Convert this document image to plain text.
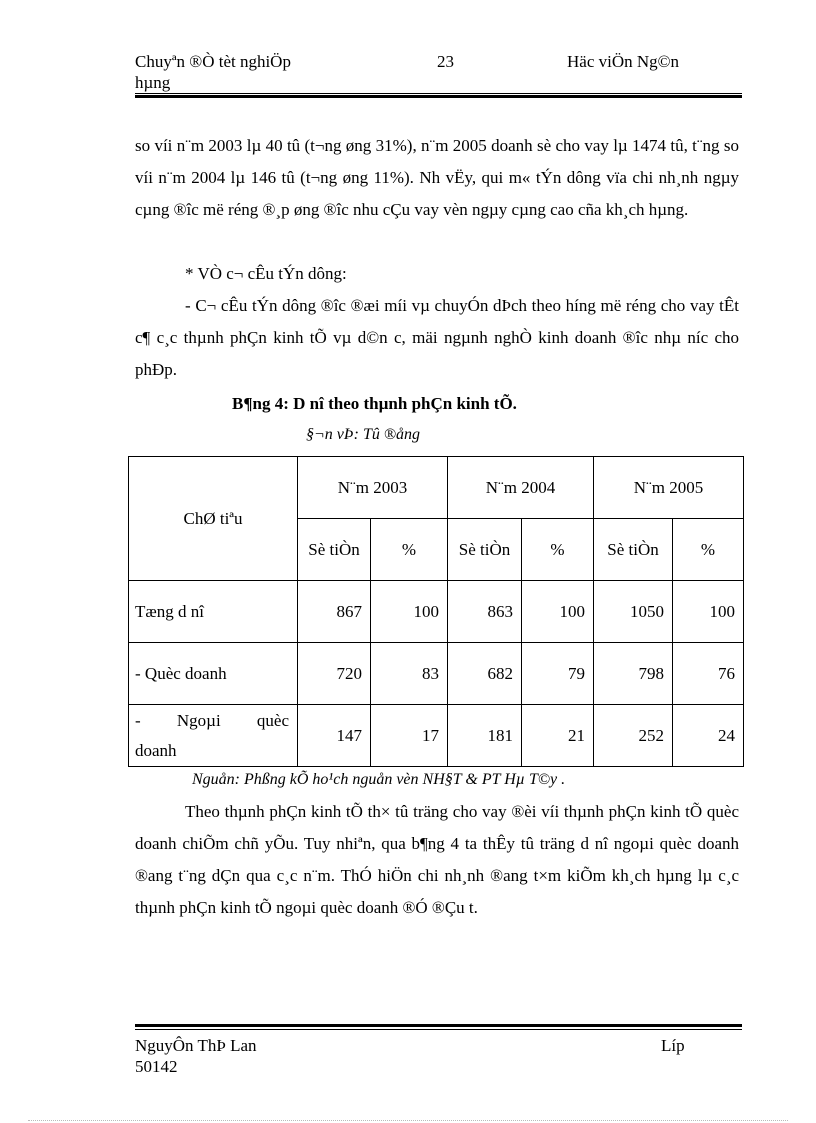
Chuyªn ®Ò tèt nghiÖp
hµng
23	Häc viÖn Ng©n
so víi n¨m 2003 lµ 40 tû (t¬ng øng 31%), n¨m 2005 doanh sè cho vay lµ 1474 tû, t¨ng so víi n¨m 2004 lµ 146 tû (t¬ng øng 11%). Nh vËy, qui m« tÝn dông vïa chi nh¸nh ngµy cµng ®îc më réng ®¸p øng ®îc nhu cÇu vay vèn ngµy cµng cao cña kh¸ch hµng.
* VÒ c¬ cÊu tÝn dông:
- C¬ cÊu tÝn dông ®îc ®æi míi vµ chuyÓn dÞch theo híng më réng cho vay tÊt c¶ c¸c thµnh phÇn kinh tÕ vµ d©n c, mäi ngµnh nghÒ kinh doanh ®îc nhµ níc cho phÐp.
B¶ng 4: D nî theo thµnh phÇn kinh tÕ.
§¬n vÞ: Tû ®ång
ChØ tiªu	N¨m 2003		N¨m 2004		N¨m 2005	
	Sè tiÒn	%	Sè tiÒn	%	Sè tiÒn	%
Tæng d nî	867	100	863	100	1050	100
- Quèc doanh	720	83	682	79	798	76

- Ngoµi quèc
doanh	147	17	181	21	252	24
Nguån: Phßng kÕ ho¹ch nguån vèn NH§T & PT Hµ T©y .
Theo thµnh phÇn kinh tÕ th× tû träng cho vay ®èi víi thµnh phÇn kinh tÕ quèc doanh chiÕm chñ yÕu. Tuy nhiªn, qua b¶ng 4 ta thÊy tû träng d nî ngoµi quèc doanh ®ang t¨ng dÇn qua c¸c n¨m. ThÓ hiÖn chi nh¸nh ®ang t×m kiÕm kh¸ch hµng lµ c¸c thµnh phÇn kinh tÕ ngoµi quèc doanh ®Ó ®Çu t.
NguyÔn ThÞ Lan
50142
Líp
